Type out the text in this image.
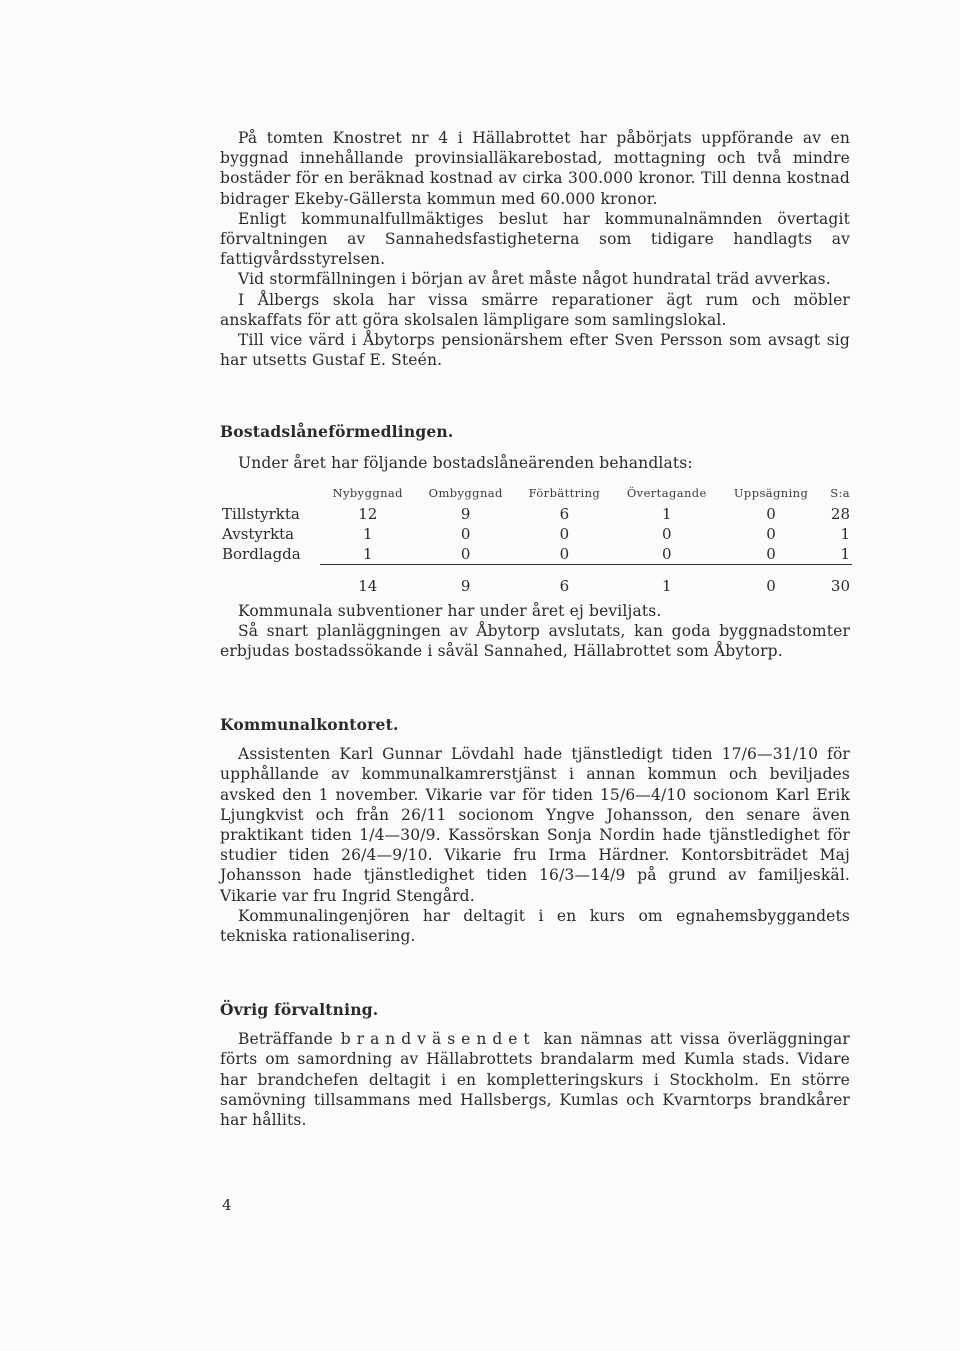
På tomten Knostret nr 4 i Hällabrottet har påbörjats uppförande av en byggnad innehållande provinsialläkarebostad, mottagning och två mindre bostäder för en beräknad kostnad av cirka 300.000 kronor. Till denna kostnad bidrager Ekeby-Gällersta kommun med 60.000 kronor.

Enligt kommunalfullmäktiges beslut har kommunalnämnden övertagit förvaltningen av Sannahedsfastigheterna som tidigare handlagts av fattigvårdsstyrelsen.

Vid stormfällningen i början av året måste något hundratal träd avverkas.

I Ålbergs skola har vissa smärre reparationer ägt rum och möbler anskaffats för att göra skolsalen lämpligare som samlingslokal.

Till vice värd i Åbytorps pensionärshem efter Sven Persson som avsagt sig har utsetts Gustaf E. Steén.

Bostadslåneförmedlingen.

Under året har följande bostadslåneärenden behandlats:

	Nybyggnad	Ombyggnad	Förbättring	Övertagande	Uppsägning	S:a
Tillstyrkta	12	9	6	1	0	28
Avstyrkta	1	0	0	0	0	1
Bordlagda	1	0	0	0	0	1
	14	9	6	1	0	30

Kommunala subventioner har under året ej beviljats.

Så snart planläggningen av Åbytorp avslutats, kan goda byggnadstomter erbjudas bostadssökande i såväl Sannahed, Hällabrottet som Åbytorp.

Kommunalkontoret.

Assistenten Karl Gunnar Lövdahl hade tjänstledigt tiden 17/6—31/10 för upphållande av kommunalkamrerstjänst i annan kommun och beviljades avsked den 1 november. Vikarie var för tiden 15/6—4/10 socionom Karl Erik Ljungkvist och från 26/11 socionom Yngve Johansson, den senare även praktikant tiden 1/4—30/9. Kassörskan Sonja Nordin hade tjänstledighet för studier tiden 26/4—9/10. Vikarie fru Irma Härdner. Kontorsbiträdet Maj Johansson hade tjänstledighet tiden 16/3—14/9 på grund av familjeskäl. Vikarie var fru Ingrid Stengård.

Kommunalingenjören har deltagit i en kurs om egnahemsbyggandets tekniska rationalisering.

Övrig förvaltning.

Beträffande brandväsendet kan nämnas att vissa överläggningar förts om samordning av Hällabrottets brandalarm med Kumla stads. Vidare har brandchefen deltagit i en kompletteringskurs i Stockholm. En större samövning tillsammans med Hallsbergs, Kumlas och Kvarntorps brandkårer har hållits.

4
